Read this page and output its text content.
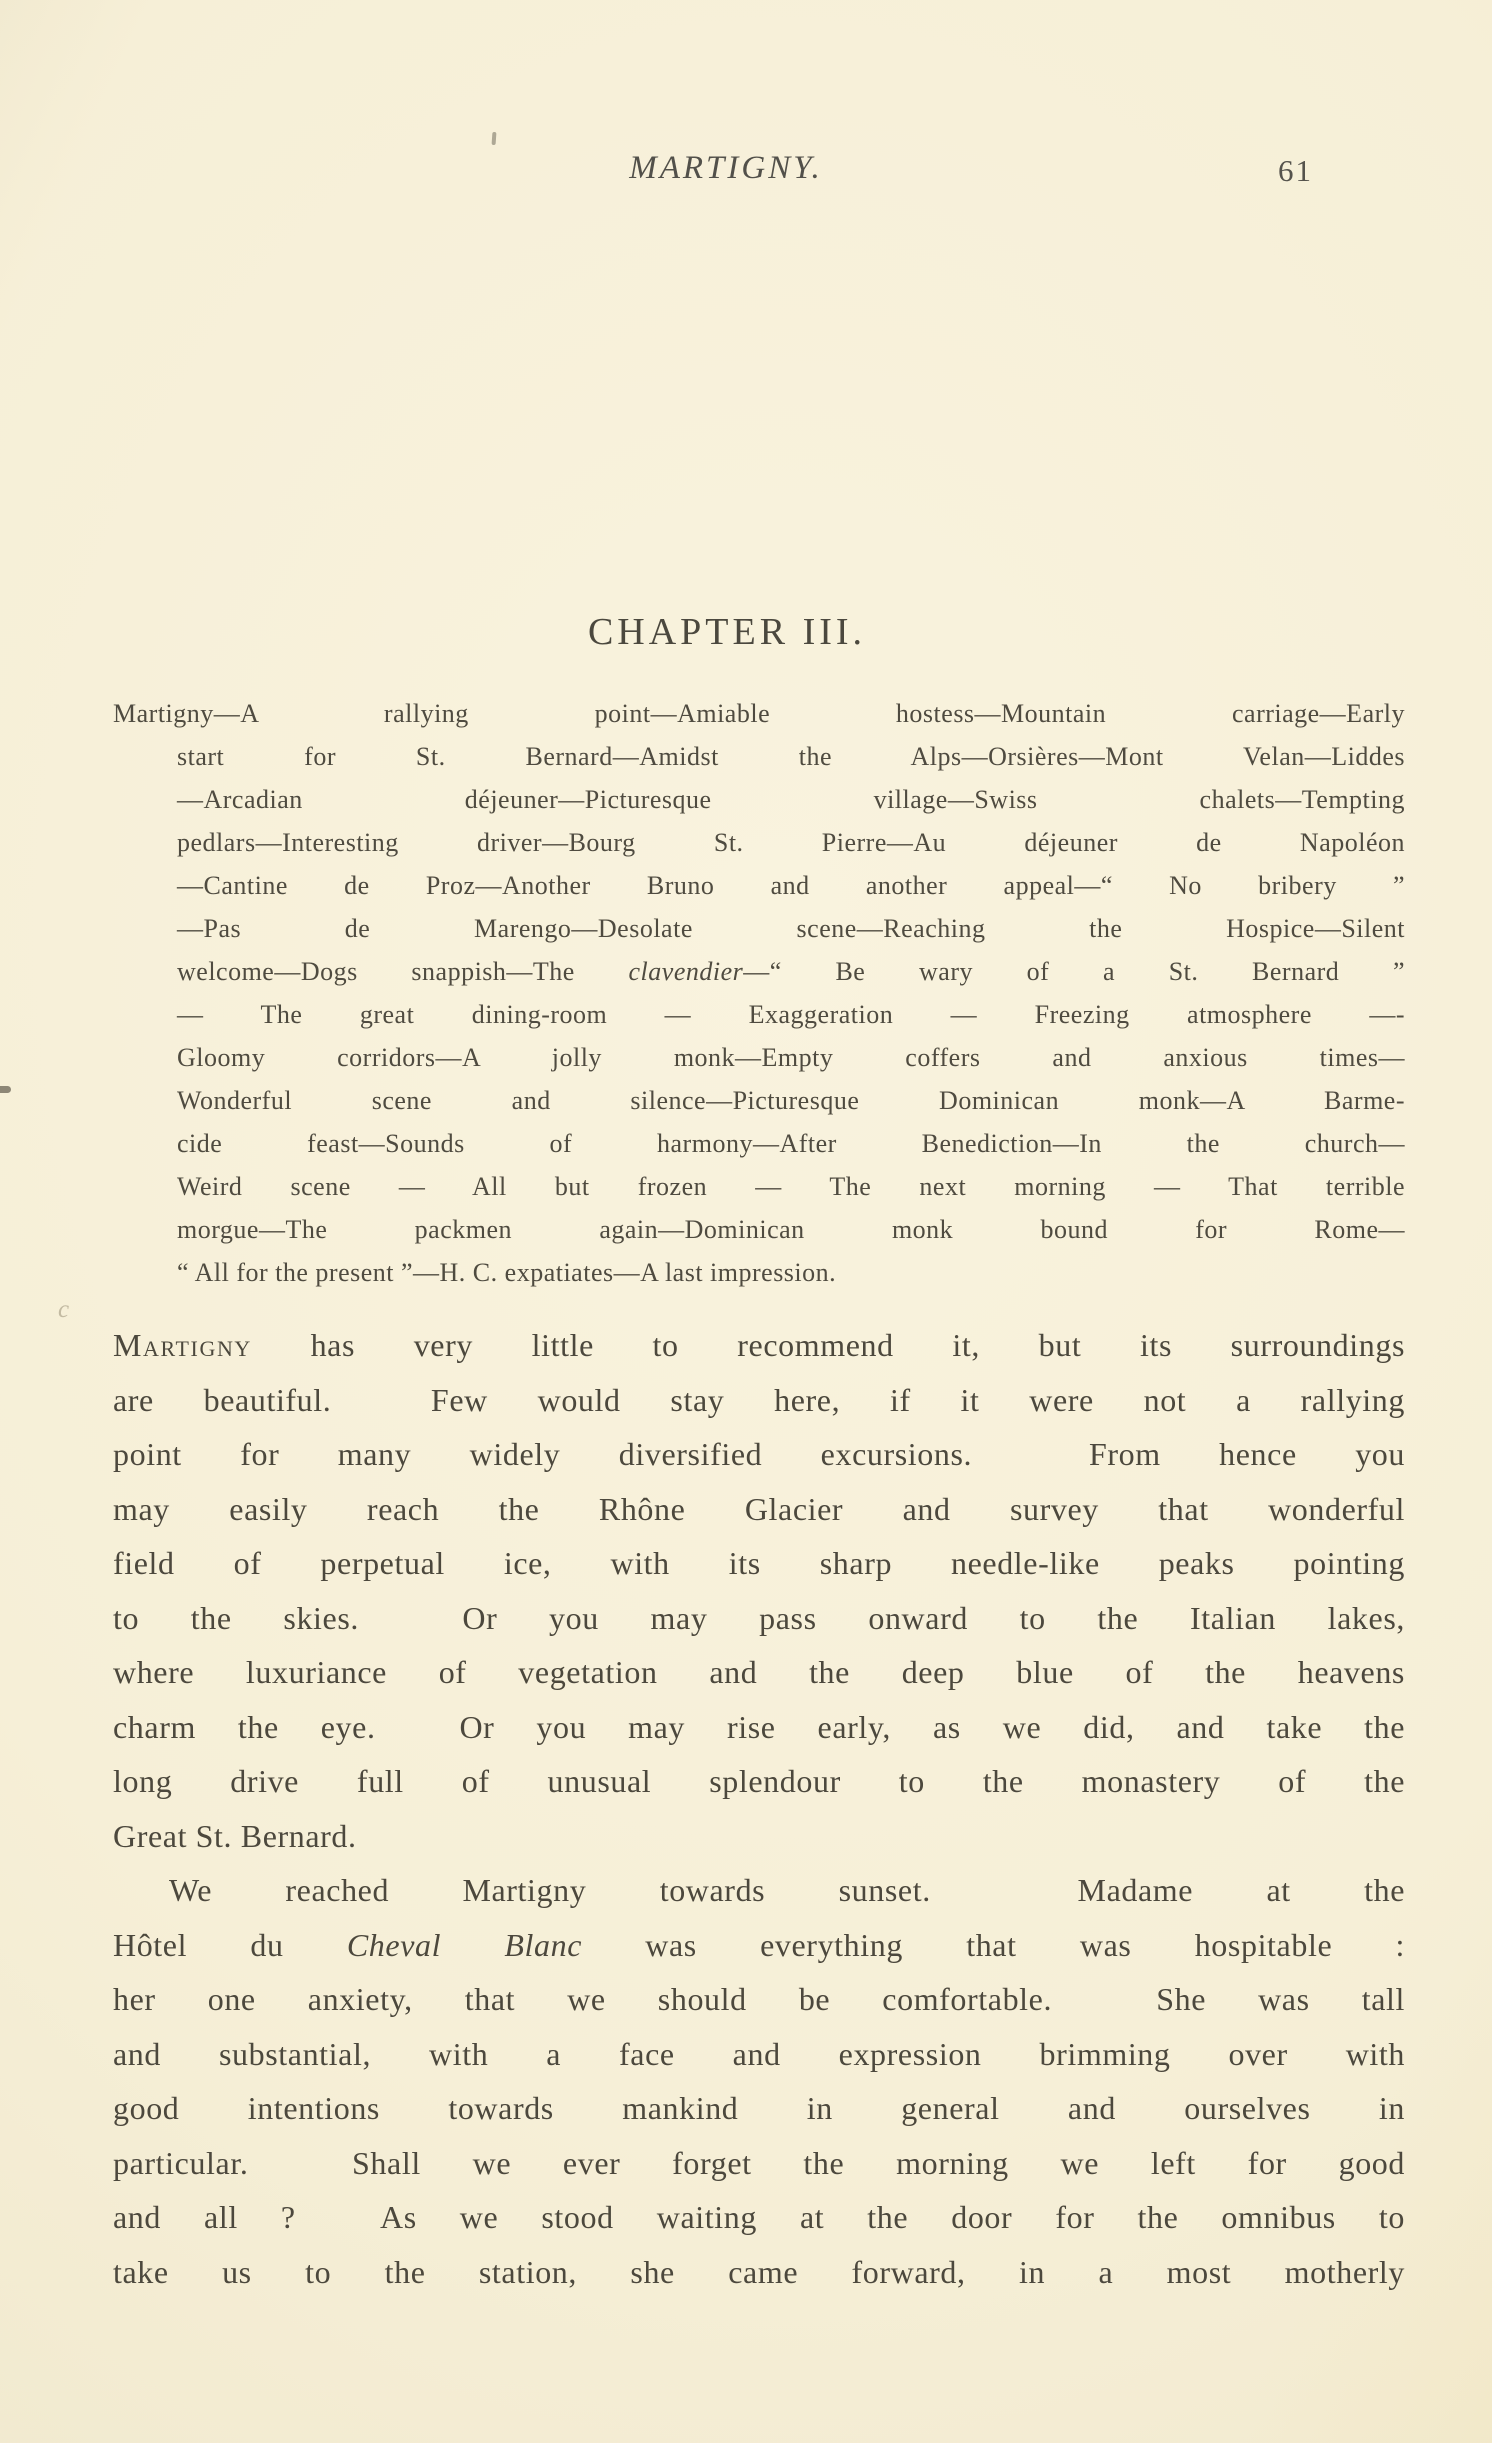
MARTIGNY.	61
CHAPTER III.
Martigny—A rallying point—Amiable hostess—Mountain carriage—Early
start for St. Bernard—Amidst the Alps—Orsières—Mont Velan—Liddes
—Arcadian déjeuner—Picturesque village—Swiss chalets—Tempting
pedlars—Interesting driver—Bourg St. Pierre—Au déjeuner de Napoléon
—Cantine de Proz—Another Bruno and another appeal—“ No bribery ”
—Pas de Marengo—Desolate scene—Reaching the Hospice—Silent
welcome—Dogs snappish—The clavendier—“ Be wary of a St. Bernard ”
— The great dining-room — Exaggeration — Freezing atmosphere —-
Gloomy corridors—A jolly monk—Empty coffers and anxious times—
Wonderful scene and silence—Picturesque Dominican monk—A Barme-
cide feast—Sounds of harmony—After Benediction—In the church—
Weird scene — All but frozen — The next morning — That terrible
morgue—The packmen again—Dominican monk bound for Rome—
“ All for the present ”—H. C. expatiates—A last impression.
Martigny has very little to recommend it, but its surroundings
are beautiful.  Few would stay here, if it were not a rallying
point for many widely diversified excursions.  From hence you
may easily reach the Rhône Glacier and survey that wonderful
field of perpetual ice, with its sharp needle-like peaks pointing
to the skies.  Or you may pass onward to the Italian lakes,
where luxuriance of vegetation and the deep blue of the heavens
charm the eye.  Or you may rise early, as we did, and take the
long drive full of unusual splendour to the monastery of the
Great St. Bernard.
We reached Martigny towards sunset.  Madame at the
Hôtel du Cheval Blanc was everything that was hospitable :
her one anxiety, that we should be comfortable.  She was tall
and substantial, with a face and expression brimming over with
good intentions towards mankind in general and ourselves in
particular.  Shall we ever forget the morning we left for good
and all ?  As we stood waiting at the door for the omnibus to
take us to the station, she came forward, in a most motherly
c
